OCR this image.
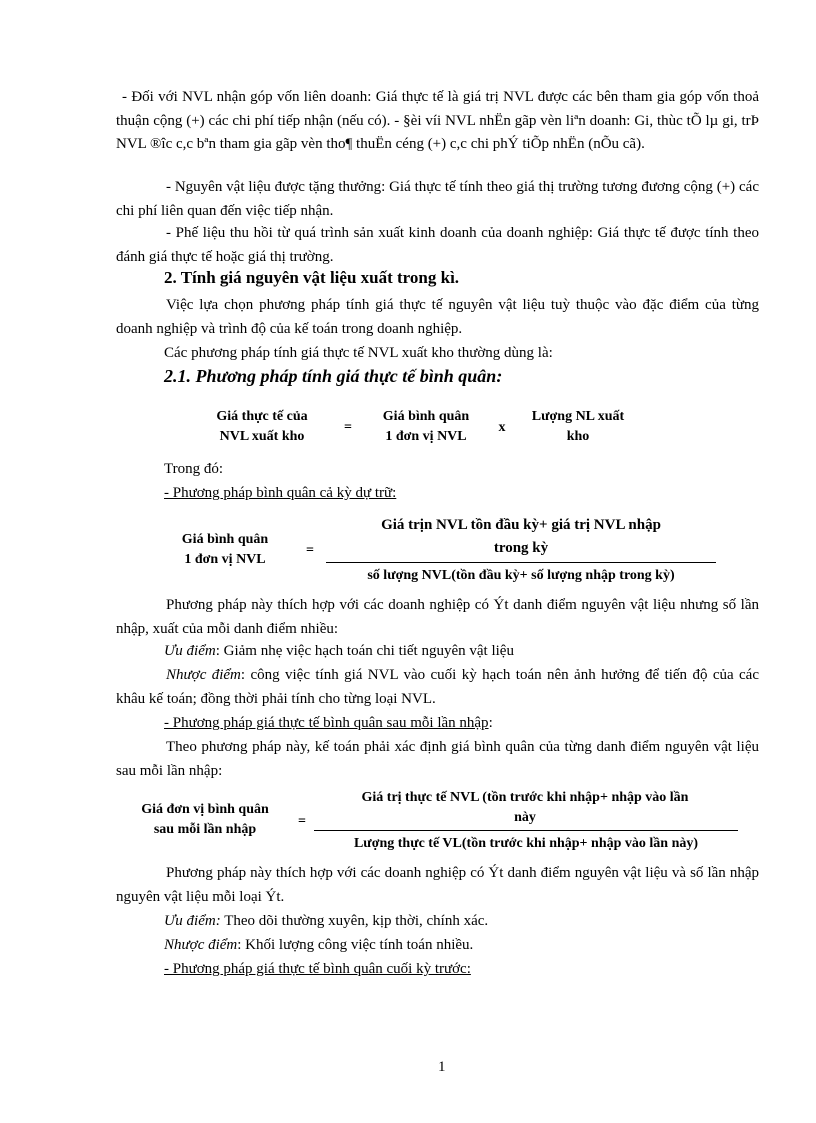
- Đối với NVL nhận góp vốn liên doanh: Giá thực tế là giá trị NVL được các bên tham gia góp vốn thoả thuận cộng (+) các chi phí tiếp nhận (nếu có). - §èi víi NVL nhËn gãp vèn liªn doanh: Gi, thùc tÕ lµ gi, trÞ NVL ®îc c,c bªn tham gia gãp vèn tho¶ thuËn céng (+) c,c chi phÝ tiÕp nhËn (nÕu cã).

- Nguyên vật liệu được tặng thưởng: Giá thực tế tính theo giá thị trường tương đương cộng (+) các chi phí liên quan đến việc tiếp nhận.

- Phế liệu thu hồi từ quá trình sản xuất kinh doanh của doanh nghiệp: Giá thực tế được tính theo đánh giá thực tế hoặc giá thị trường.

2. Tính giá nguyên vật liệu xuất trong kì.

Việc lựa chọn phương pháp tính giá thực tế nguyên vật liệu tuỳ thuộc vào đặc điểm của từng doanh nghiệp và trình độ của kế toán trong doanh nghiệp.

Các phương pháp tính giá thực tế NVL xuất kho thường dùng là:

2.1. Phương pháp tính giá thực tế bình quân:

Giá thực tế của
NVL xuất kho
=
Giá bình quân
1 đơn vị NVL
x
Lượng NL xuất
kho

Trong đó:

- Phương pháp bình quân cả kỳ dự trữ:

Giá bình quân
1 đơn vị NVL
=
Giá trịn NVL tồn đầu kỳ+ giá trị NVL nhập
trong kỳ
số lượng NVL(tồn đầu kỳ+ số lượng nhập trong kỳ)

Phương pháp này thích hợp với các doanh nghiệp có Ýt danh điểm nguyên vật liệu nhưng số lần nhập, xuất của mỗi danh điểm nhiều:

Ưu điểm: Giảm nhẹ việc hạch toán chi tiết nguyên vật liệu

Nhược điểm: công việc tính giá NVL vào cuối kỳ hạch toán nên ảnh hưởng để tiến độ của các khâu kế toán; đồng thời phải tính cho từng loại NVL.

- Phương pháp giá thực tế bình quân sau mỗi lần nhập:

Theo phương pháp này, kế toán phải xác định giá bình quân của từng danh điểm nguyên vật liệu sau mỗi lần nhập:

Giá đơn vị bình quân
sau mỗi lần nhập
=
Giá trị thực tế NVL (tồn trước khi nhập+ nhập vào lần
này
Lượng thực tế VL(tồn trước khi nhập+ nhập vào lần này)

Phương pháp này thích hợp với các doanh nghiệp có Ýt danh điểm nguyên vật liệu và số lần nhập nguyên vật liệu mỗi loại Ýt.

Ưu điểm: Theo dõi thường xuyên, kịp thời, chính xác.

Nhược điểm: Khối lượng công việc tính toán nhiều.

- Phương pháp giá thực tế bình quân cuối kỳ trước:

1
